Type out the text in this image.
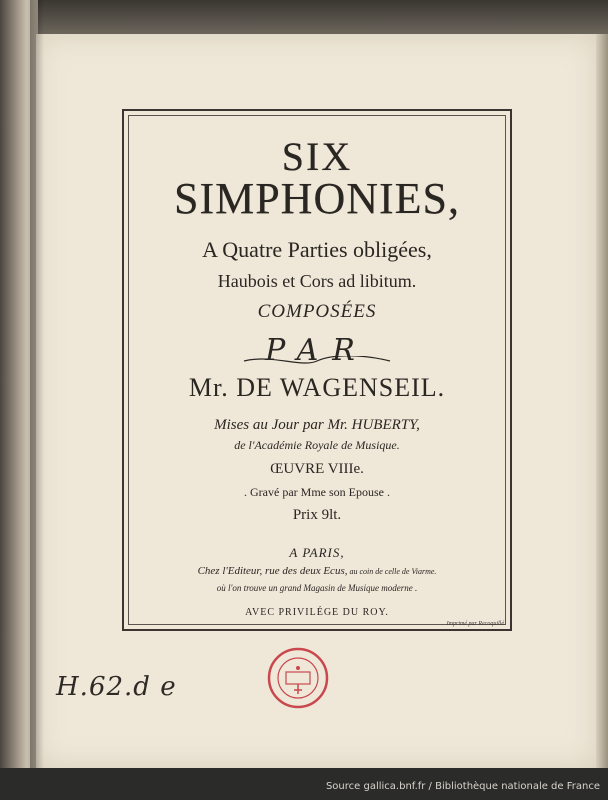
SIX
SIMPHONIES,
A Quatre Parties obligées,
Haubois et Cors ad libitum.
COMPOSÉES
PAR
Mr. DE WAGENSEIL.
Mises au Jour par Mr. HUBERTY,
de l'Académie Royale de Musique.
ŒUVRE VIIIe.
. Gravé par Mme son Epouse .
Prix 9lt.
A PARIS,
Chez l'Editeur, rue des deux Ecus, au coin de celle de Viarme.
où l'on trouve un grand Magasin de Musique moderne .
AVEC PRIVILÉGE DU ROY.
Imprimé par Recoquillé
H.62.d e
Source gallica.bnf.fr / Bibliothèque nationale de France
